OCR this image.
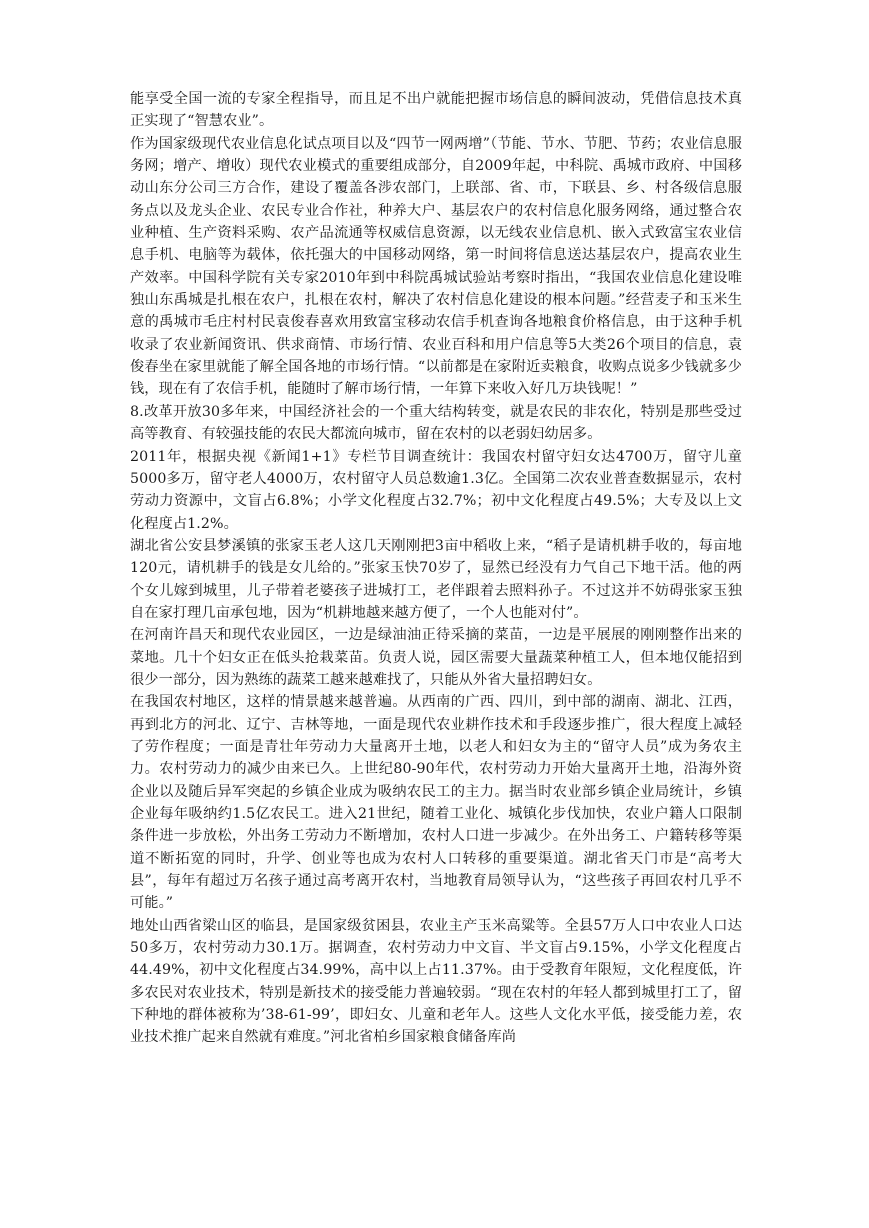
能享受全国一流的专家全程指导，而且足不出户就能把握市场信息的瞬间波动，凭借信息技术真正实现了“智慧农业”。

作为国家级现代农业信息化试点项目以及“四节一网两增”（节能、节水、节肥、节药；农业信息服务网；增产、增收）现代农业模式的重要组成部分，自2009年起，中科院、禹城市政府、中国移动山东分公司三方合作，建设了覆盖各涉农部门，上联部、省、市，下联县、乡、村各级信息服务点以及龙头企业、农民专业合作社，种养大户、基层农户的农村信息化服务网络，通过整合农业种植、生产资料采购、农产品流通等权威信息资源，以无线农业信息机、嵌入式致富宝农业信息手机、电脑等为载体，依托强大的中国移动网络，第一时间将信息送达基层农户，提高农业生产效率。中国科学院有关专家2010年到中科院禹城试验站考察时指出，“我国农业信息化建设唯独山东禹城是扎根在农户，扎根在农村，解决了农村信息化建设的根本问题。”经营麦子和玉米生意的禹城市毛庄村村民袁俊春喜欢用致富宝移动农信手机查询各地粮食价格信息，由于这种手机收录了农业新闻资讯、供求商情、市场行情、农业百科和用户信息等5大类26个项目的信息，袁俊春坐在家里就能了解全国各地的市场行情。“以前都是在家附近卖粮食，收购点说多少钱就多少钱，现在有了农信手机，能随时了解市场行情，一年算下来收入好几万块钱呢！”

8.改革开放30多年来，中国经济社会的一个重大结构转变，就是农民的非农化，特别是那些受过高等教育、有较强技能的农民大都流向城市，留在农村的以老弱妇幼居多。

2011年，根据央视《新闻1+1》专栏节目调查统计：我国农村留守妇女达4700万，留守儿童5000多万，留守老人4000万，农村留守人员总数逾1.3亿。全国第二次农业普查数据显示，农村劳动力资源中，文盲占6.8%；小学文化程度占32.7%；初中文化程度占49.5%；大专及以上文化程度占1.2%。

湖北省公安县梦溪镇的张家玉老人这几天刚刚把3亩中稻收上来，“稻子是请机耕手收的，每亩地120元，请机耕手的钱是女儿给的。”张家玉快70岁了，显然已经没有力气自己下地干活。他的两个女儿嫁到城里，儿子带着老婆孩子进城打工，老伴跟着去照料孙子。不过这并不妨碍张家玉独自在家打理几亩承包地，因为“机耕地越来越方便了，一个人也能对付”。

在河南许昌天和现代农业园区，一边是绿油油正待采摘的菜苗，一边是平展展的刚刚整作出来的菜地。几十个妇女正在低头抢栽菜苗。负责人说，园区需要大量蔬菜种植工人，但本地仅能招到很少一部分，因为熟练的蔬菜工越来越难找了，只能从外省大量招聘妇女。

在我国农村地区，这样的情景越来越普遍。从西南的广西、四川，到中部的湖南、湖北、江西，再到北方的河北、辽宁、吉林等地，一面是现代农业耕作技术和手段逐步推广，很大程度上减轻了劳作程度；一面是青壮年劳动力大量离开土地，以老人和妇女为主的“留守人员”成为务农主力。农村劳动力的减少由来已久。上世纪80-90年代，农村劳动力开始大量离开土地，沿海外资企业以及随后异军突起的乡镇企业成为吸纳农民工的主力。据当时农业部乡镇企业局统计，乡镇企业每年吸纳约1.5亿农民工。进入21世纪，随着工业化、城镇化步伐加快，农业户籍人口限制条件进一步放松，外出务工劳动力不断增加，农村人口进一步减少。在外出务工、户籍转移等渠道不断拓宽的同时，升学、创业等也成为农村人口转移的重要渠道。湖北省天门市是“高考大县”，每年有超过万名孩子通过高考离开农村，当地教育局领导认为，“这些孩子再回农村几乎不可能。”

地处山西省梁山区的临县，是国家级贫困县，农业主产玉米高粱等。全县57万人口中农业人口达50多万，农村劳动力30.1万。据调查，农村劳动力中文盲、半文盲占9.15%，小学文化程度占44.49%，初中文化程度占34.99%，高中以上占11.37%。由于受教育年限短，文化程度低，许多农民对农业技术，特别是新技术的接受能力普遍较弱。“现在农村的年轻人都到城里打工了，留下种地的群体被称为’38-61-99’，即妇女、儿童和老年人。这些人文化水平低，接受能力差，农业技术推广起来自然就有难度。”河北省柏乡国家粮食储备库尚
